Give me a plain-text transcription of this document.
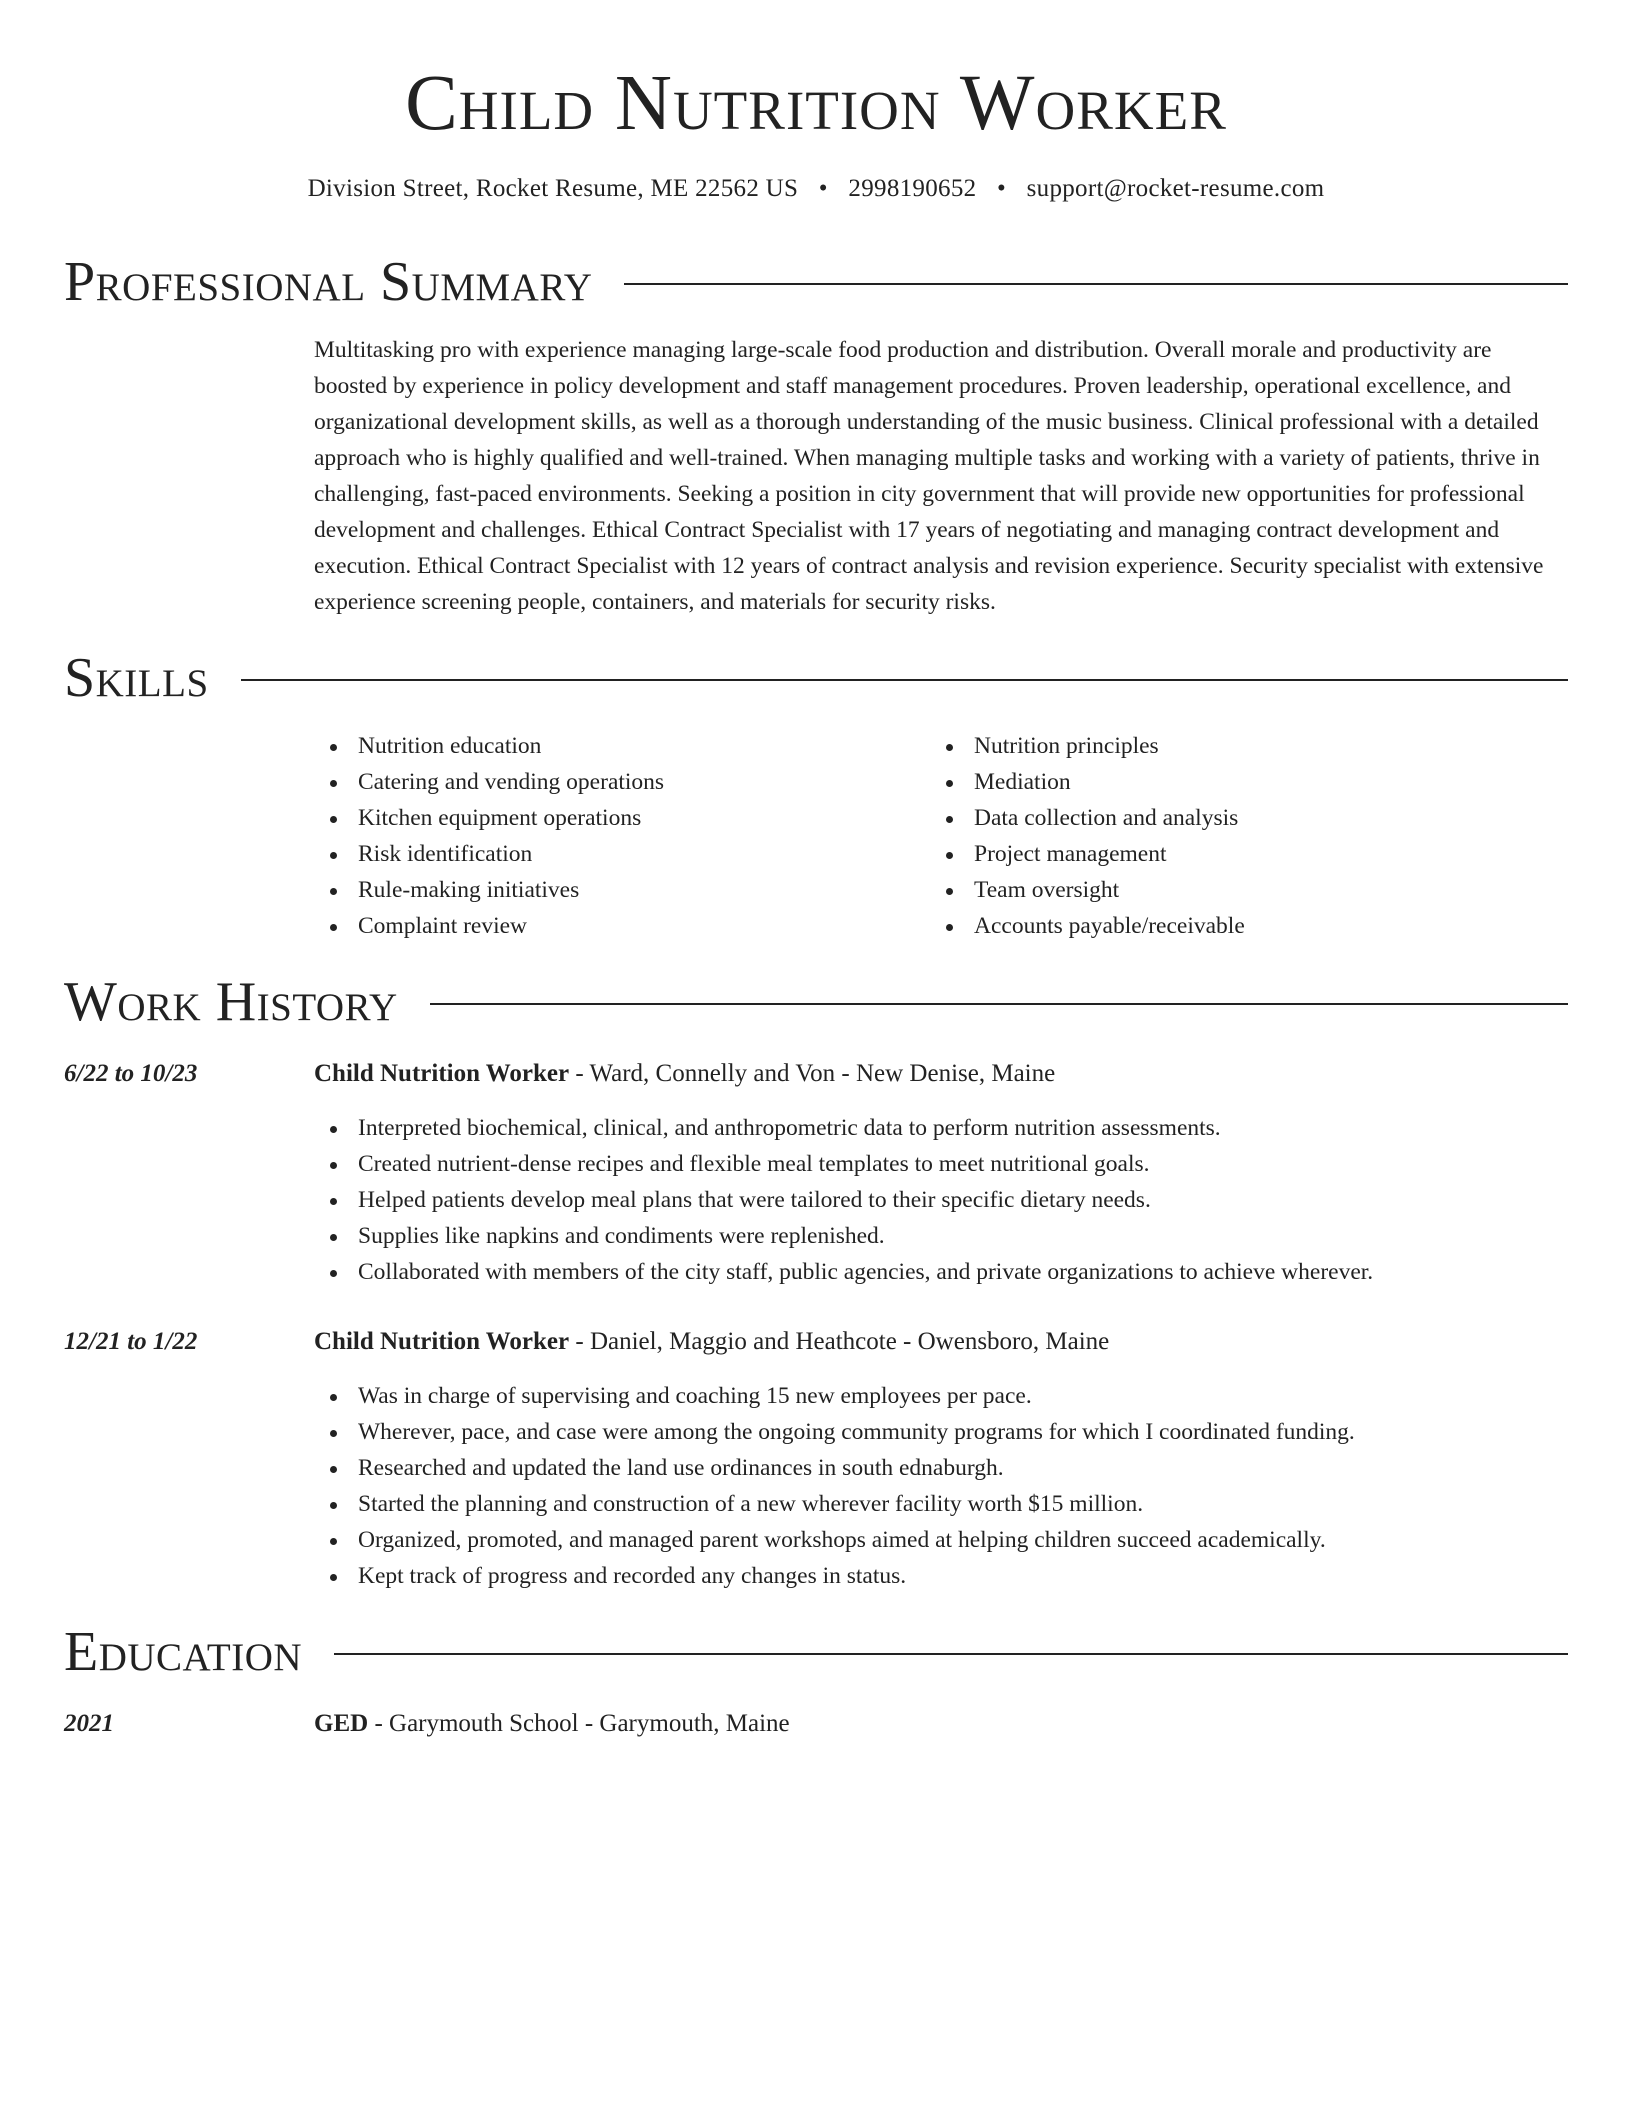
Child Nutrition Worker
Division Street, Rocket Resume, ME 22562 US • 2998190652 • support@rocket-resume.com
Professional Summary

Multitasking pro with experience managing large-scale food production and distribution. Overall morale and productivity are boosted by experience in policy development and staff management procedures. Proven leadership, operational excellence, and organizational development skills, as well as a thorough understanding of the music business. Clinical professional with a detailed approach who is highly qualified and well-trained. When managing multiple tasks and working with a variety of patients, thrive in challenging, fast-paced environments. Seeking a position in city government that will provide new opportunities for professional development and challenges. Ethical Contract Specialist with 17 years of negotiating and managing contract development and execution. Ethical Contract Specialist with 12 years of contract analysis and revision experience. Security specialist with extensive experience screening people, containers, and materials for security risks.

Skills
Nutrition education
Catering and vending operations
Kitchen equipment operations
Risk identification
Rule-making initiatives
Complaint review
Nutrition principles
Mediation
Data collection and analysis
Project management
Team oversight
Accounts payable/receivable
Work History
6/22 to 10/23	Child Nutrition Worker - Ward, Connelly and Von - New Denise, Maine
Interpreted biochemical, clinical, and anthropometric data to perform nutrition assessments.
Created nutrient-dense recipes and flexible meal templates to meet nutritional goals.
Helped patients develop meal plans that were tailored to their specific dietary needs.
Supplies like napkins and condiments were replenished.
Collaborated with members of the city staff, public agencies, and private organizations to achieve wherever.
12/21 to 1/22	Child Nutrition Worker - Daniel, Maggio and Heathcote - Owensboro, Maine
Was in charge of supervising and coaching 15 new employees per pace.
Wherever, pace, and case were among the ongoing community programs for which I coordinated funding.
Researched and updated the land use ordinances in south ednaburgh.
Started the planning and construction of a new wherever facility worth $15 million.
Organized, promoted, and managed parent workshops aimed at helping children succeed academically.
Kept track of progress and recorded any changes in status.
Education
2021	GED - Garymouth School - Garymouth, Maine
